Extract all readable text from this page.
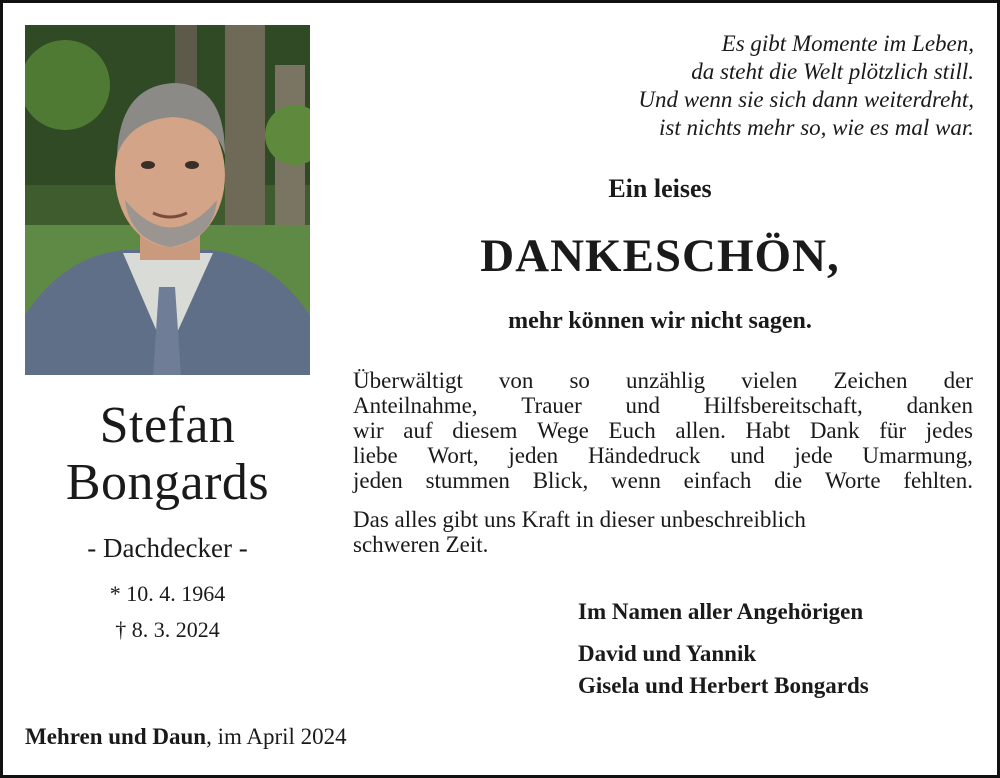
Stefan
Bongards
- Dachdecker -
* 10. 4. 1964
† 8. 3. 2024
Es gibt Momente im Leben,
da steht die Welt plötzlich still.
Und wenn sie sich dann weiterdreht,
ist nichts mehr so, wie es mal war.
Ein leises
DANKESCHÖN,
mehr können wir nicht sagen.
Überwältigt von so unzählig vielen Zeichen der
Anteilnahme, Trauer und Hilfsbereitschaft, danken
wir auf diesem Wege Euch allen. Habt Dank für jedes
liebe Wort, jeden Händedruck und jede Umarmung,
jeden stummen Blick, wenn einfach die Worte fehlten.
Das alles gibt uns Kraft in dieser unbeschreiblich
schweren Zeit.
Im Namen aller Angehörigen
David und Yannik
Gisela und Herbert Bongards
Mehren und Daun, im April 2024
